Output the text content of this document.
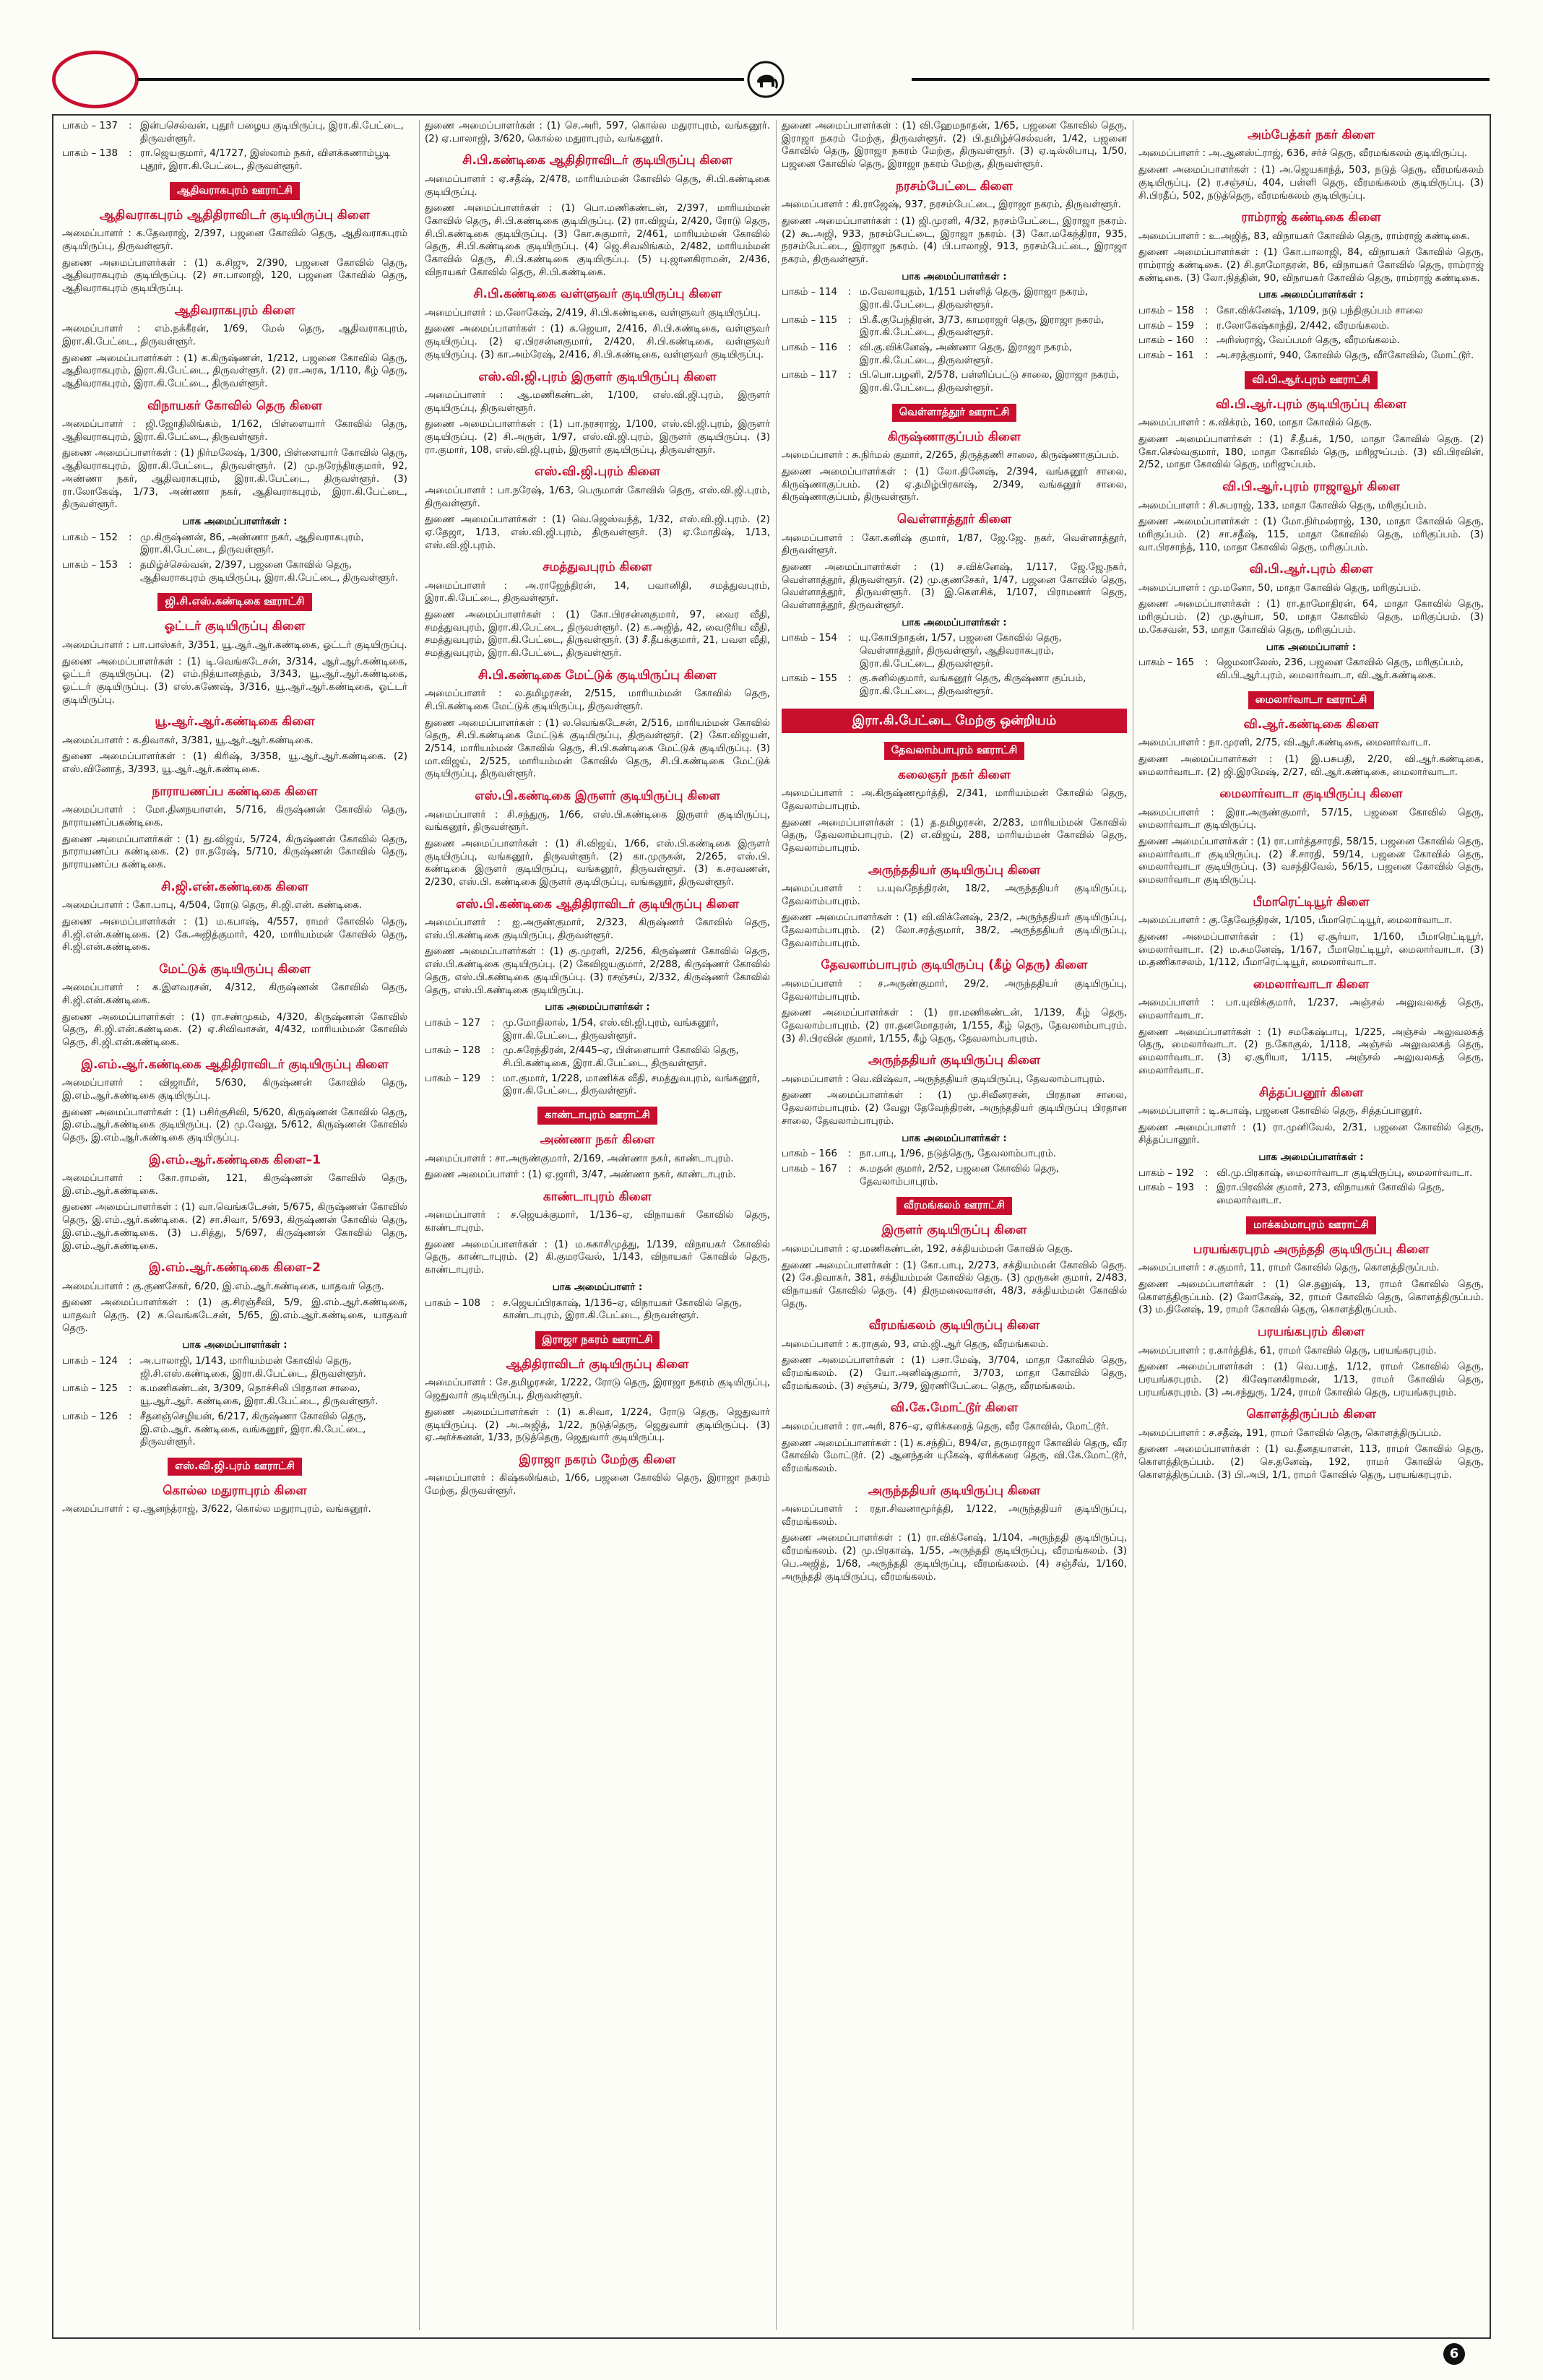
பாகம் – 137	: இன்பசெல்வன், புதூர் பழைய குடியிருப்பு, இரா.கி.பேட்டை, திருவள்ளூர்.
பாகம் – 138	: ரா.ஜெயகுமார், 4/1727, இஸ்லாம் நகர், விளக்கணாம்பூடி புதூர், இரா.கி.பேட்டை, திருவள்ளூர்.
ஆதிவராகபுரம் ஊராட்சி
ஆதிவராகபுரம் ஆதிதிராவிடர் குடியிருப்பு கிளை

அமைப்பாளர் : க.தேவராஜ், 2/397, பஜனை கோவில் தெரு, ஆதிவராகபுரம் குடியிருப்பு, திருவள்ளூர்.

துணை அமைப்பாளர்கள் : (1) க.சிஜு, 2/390, பஜனை கோவில் தெரு, ஆதிவராகபுரம் குடியிருப்பு. (2) சா.பாலாஜி, 120, பஜனை கோவில் தெரு, ஆதிவராகபுரம் குடியிருப்பு.

ஆதிவராகபுரம் கிளை

அமைப்பாளர் : எம்.நக்கீரன், 1/69, மேல் தெரு, ஆதிவராகபுரம், இரா.கி.பேட்டை, திருவள்ளூர்.

துணை அமைப்பாளர்கள் : (1) க.கிருஷ்ணன், 1/212, பஜனை கோவில் தெரு, ஆதிவராகபுரம், இரா.கி.பேட்டை, திருவள்ளூர். (2) ரா.அரசு, 1/110, கீழ் தெரு, ஆதிவராகபுரம், இரா.கி.பேட்டை, திருவள்ளூர்.

விநாயகர் கோவில் தெரு கிளை

அமைப்பாளர் : ஜி.ஜோதிலிங்கம், 1/162, பிள்ளையார் கோவில் தெரு, ஆதிவராகபுரம், இரா.கி.பேட்டை, திருவள்ளூர்.

துணை அமைப்பாளர்கள் : (1) நிர்மலேஷ், 1/300, பிள்ளையார் கோவில் தெரு, ஆதிவராகபுரம், இரா.கி.பேட்டை, திருவள்ளூர். (2) மு.நரேந்திரகுமார், 92, அண்ணா நகர், ஆதிவராகபுரம், இரா.கி.பேட்டை, திருவள்ளூர். (3) ரா.லோகேஷ், 1/73, அண்ணா நகர், ஆதிவராகபுரம், இரா.கி.பேட்டை, திருவள்ளூர்.

பாக அமைப்பாளர்கள் :
பாகம் – 152	: மு.கிருஷ்ணன், 86, அண்ணா நகர், ஆதிவராகபுரம், இரா.கி.பேட்டை, திருவள்ளூர்.
பாகம் – 153	: தமிழ்ச்செல்வன், 2/397, பஜனை கோவில் தெரு, ஆதிவராகபுரம் குடியிருப்பு, இரா.கி.பேட்டை, திருவள்ளூர்.
ஜி.சி.எஸ்.கண்டிகை ஊராட்சி
ஓட்டர் குடியிருப்பு கிளை

அமைப்பாளர் : பா.பாஸ்கர், 3/351, யூ.ஆர்.ஆர்.கண்டிகை, ஓட்டர் குடியிருப்பு.

துணை அமைப்பாளர்கள் : (1) டி.வெங்கடேசன், 3/314, ஆர்.ஆர்.கண்டிகை, ஓட்டர் குடியிருப்பு. (2) எம்.நித்யானந்தம், 3/343, யூ.ஆர்.ஆர்.கண்டிகை, ஓட்டர் குடியிருப்பு. (3) எஸ்.கணேஷ், 3/316, யூ.ஆர்.ஆர்.கண்டிகை, ஓட்டர் குடியிருப்பு.

யூ.ஆர்.ஆர்.கண்டிகை கிளை

அமைப்பாளர் : க.திவாகர், 3/381, யூ.ஆர்.ஆர்.கண்டிகை.

துணை அமைப்பாளர்கள் : (1) கிரிஷ், 3/358, யூ.ஆர்.ஆர்.கண்டிகை. (2) எஸ்.வினோத், 3/393, யூ.ஆர்.ஆர்.கண்டிகை.

நாராயணப்ப கண்டிகை கிளை

அமைப்பாளர் : மோ.தினநயாளன், 5/716, கிருஷ்ணன் கோவில் தெரு, நாராயணப்பகண்டிகை.

துணை அமைப்பாளர்கள் : (1) து.விஜய், 5/724, கிருஷ்ணன் கோவில் தெரு, நாராயணப்ப கண்டிகை. (2) ரா.நரேஷ், 5/710, கிருஷ்ணன் கோவில் தெரு, நாராயணப்ப கண்டிகை.

சி.ஜி.என்.கண்டிகை கிளை

அமைப்பாளர் : கோ.பாபு, 4/504, ரோடு தெரு, சி.ஜி.என். கண்டிகை.

துணை அமைப்பாளர்கள் : (1) ம.கபாஷ், 4/557, ராமர் கோவில் தெரு, சி.ஜி.என்.கண்டிகை. (2) கே.அஜித்குமார், 420, மாரியம்மன் கோவில் தெரு, சி.ஜி.என்.கண்டிகை.

மேட்டுக் குடியிருப்பு கிளை

அமைப்பாளர் : க.இளவரசன், 4/312, கிருஷ்ணன் கோவில் தெரு, சி.ஜி.என்.கண்டிகை.

துணை அமைப்பாளர்கள் : (1) ரா.சண்முகம், 4/320, கிருஷ்ணன் கோவில் தெரு, சி.ஜி.என்.கண்டிகை. (2) ஏ.சிவிவாசன், 4/432, மாரியம்மன் கோவில் தெரு, சி.ஜி.என்.கண்டிகை.

இ.எம்.ஆர்.கண்டிகை ஆதிதிராவிடர் குடியிருப்பு கிளை

அமைப்பாளர் : விஜாமீர், 5/630, கிருஷ்ணன் கோவில் தெரு, இ.எம்.ஆர்.கண்டிகை குடியிருப்பு.

துணை அமைப்பாளர்கள் : (1) பசிர்குசிவி, 5/620, கிருஷ்ணன் கோவில் தெரு, இ.எம்.ஆர்.கண்டிகை குடியிருப்பு. (2) மு.வேலு, 5/612, கிருஷ்ணன் கோவில் தெரு, இ.எம்.ஆர்.கண்டிகை குடியிருப்பு.

இ.எம்.ஆர்.கண்டிகை கிளை–1

அமைப்பாளர் : கோ.ராமன், 121, கிருஷ்ணன் கோவில் தெரு, இ.எம்.ஆர்.கண்டிகை.

துணை அமைப்பாளர்கள் : (1) வா.வெங்கடேசன், 5/675, கிருஷ்ணன் கோவில் தெரு, இ.எம்.ஆர்.கண்டிகை. (2) சா.சிவா, 5/693, கிருஷ்ணன் கோவில் தெரு, இ.எம்.ஆர்.கண்டிகை. (3) ப.சித்து, 5/697, கிருஷ்ணன் கோவில் தெரு, இ.எம்.ஆர்.கண்டிகை.

இ.எம்.ஆர்.கண்டிகை கிளை–2

அமைப்பாளர் : கு.குணசேகர், 6/20, இ.எம்.ஆர்.கண்டிகை, யாதவர் தெரு.

துணை அமைப்பாளர்கள் : (1) கு.சிரஞ்சீவி, 5/9, இ.எம்.ஆர்.கண்டிகை, யாதவர் தெரு. (2) க.வெங்கடேசன், 5/65, இ.எம்.ஆர்.கண்டிகை, யாதவர் தெரு.

பாக அமைப்பாளர்கள் :
பாகம் – 124	: அ.பாலாஜி, 1/143, மாரியம்மன் கோவில் தெரு, ஜி.சி.எஸ்.கண்டிகை, இரா.கி.பேட்டை, திருவள்ளூர்.
பாகம் – 125	: க.மணிகண்டன், 3/309, நொச்சிலி பிரதான சாலை, யூ.ஆர்.ஆர். கண்டிகை, இரா.கி.பேட்டை, திருவள்ளூர்.
பாகம் – 126	: சீதனஞ்செழியன், 6/217, கிருஷ்ணா கோவில் தெரு, இ.எம்.ஆர். கண்டிகை, வங்கனூர், இரா.கி.பேட்டை, திருவள்ளூர்.
எஸ்.வி.ஜி.புரம் ஊராட்சி
கொல்ல மதுராபுரம் கிளை

அமைப்பாளர் : ஏ.ஆனந்த்ராஜ், 3/622, கொல்ல மதுராபுரம், வங்கனூர்.

துணை அமைப்பாளர்கள் : (1) செ.அரி, 597, கொல்ல மதுராபுரம், வங்கனூர். (2) ஏ.பாலாஜி, 3/620, கொல்ல மதுராபுரம், வங்கனூர்.

சி.பி.கண்டிகை ஆதிதிராவிடர் குடியிருப்பு கிளை

அமைப்பாளர் : ஏ.சதீஷ், 2/478, மாரியம்மன் கோவில் தெரு, சி.பி.கண்டிகை குடியிருப்பு.

துணை அமைப்பாளர்கள் : (1) பொ.மணிகண்டன், 2/397, மாரியம்மன் கோவில் தெரு, சி.பி.கண்டிகை குடியிருப்பு. (2) ரா.விஜய், 2/420, ரோடு தெரு, சி.பி.கண்டிகை குடியிருப்பு. (3) கோ.சுகுமார், 2/461, மாரியம்மன் கோவில் தெரு, சி.பி.கண்டிகை குடியிருப்பு. (4) ஜெ.சிவலிங்கம், 2/482, மாரியம்மன் கோவில் தெரு, சி.பி.கண்டிகை குடியிருப்பு. (5) பு.ஜானகிராமன், 2/436, விநாயகர் கோவில் தெரு, சி.பி.கண்டிகை.

சி.பி.கண்டிகை வள்ளுவர் குடியிருப்பு கிளை

அமைப்பாளர் : ம.லோகேஷ், 2/419, சி.பி.கண்டிகை, வள்ளுவர் குடியிருப்பு.

துணை அமைப்பாளர்கள் : (1) க.ஜெயா, 2/416, சி.பி.கண்டிகை, வள்ளுவர் குடியிருப்பு. (2) ஏ.பிரசன்னகுமார், 2/420, சி.பி.கண்டிகை, வள்ளுவர் குடியிருப்பு. (3) கா.அம்ரேஷ், 2/416, சி.பி.கண்டிகை, வள்ளுவர் குடியிருப்பு.

எஸ்.வி.ஜி.புரம் இருளர் குடியிருப்பு கிளை

அமைப்பாளர் : ஆ.மணிகண்டன், 1/100, எஸ்.வி.ஜி.புரம், இருளர் குடியிருப்பு, திருவள்ளூர்.

துணை அமைப்பாளர்கள் : (1) பா.நரசராஜ், 1/100, எஸ்.வி.ஜி.புரம், இருளர் குடியிருப்பு. (2) சி.அருள், 1/97, எஸ்.வி.ஜி.புரம், இருளர் குடியிருப்பு. (3) ரா.குமார், 108, எஸ்.வி.ஜி.புரம், இருளர் குடியிருப்பு, திருவள்ளூர்.

எஸ்.வி.ஜி.புரம் கிளை

அமைப்பாளர் : பா.நரேஷ், 1/63, பெருமாள் கோவில் தெரு, எஸ்.வி.ஜி.புரம், திருவள்ளூர்.

துணை அமைப்பாளர்கள் : (1) வெ.ஜெஸ்வந்த், 1/32, எஸ்.வி.ஜி.புரம். (2) ஏ.தேஜா, 1/13, எஸ்.வி.ஜி.புரம், திருவள்ளூர். (3) ஏ.மோதிஷ், 1/13, எஸ்.வி.ஜி.புரம்.

சமத்துவபுரம் கிளை

அமைப்பாளர் : அ.ராஜேந்திரன், 14, பவானிதி, சமத்துவபுரம், இரா.கி.பேட்டை, திருவள்ளூர்.

துணை அமைப்பாளர்கள் : (1) கோ.பிரசன்னகுமார், 97, வைர வீதி, சமத்துவபுரம், இரா.கி.பேட்டை, திருவள்ளூர். (2) க.அஜித், 42, வைடூரிய வீதி, சமத்துவபுரம், இரா.கி.பேட்டை, திருவள்ளூர். (3) சீ.தீபக்குமார், 21, பவள வீதி, சமத்துவபுரம், இரா.கி.பேட்டை, திருவள்ளூர்.

சி.பி.கண்டிகை மேட்டுக் குடியிருப்பு கிளை

அமைப்பாளர் : ல.தமிழரசன், 2/515, மாரியம்மன் கோவில் தெரு, சி.பி.கண்டிகை மேட்டுக் குடியிருப்பு, திருவள்ளூர்.

துணை அமைப்பாளர்கள் : (1) ல.வெங்கடேசன், 2/516, மாரியம்மன் கோவில் தெரு, சி.பி.கண்டிகை மேட்டுக் குடியிருப்பு, திருவள்ளூர். (2) கோ.விஜயன், 2/514, மாரியம்மன் கோவில் தெரு, சி.பி.கண்டிகை மேட்டுக் குடியிருப்பு. (3) மா.விஜய், 2/525, மாரியம்மன் கோவில் தெரு, சி.பி.கண்டிகை மேட்டுக் குடியிருப்பு, திருவள்ளூர்.

எஸ்.பி.கண்டிகை இருளர் குடியிருப்பு கிளை

அமைப்பாளர் : சி.சந்துரு, 1/66, எஸ்.பி.கண்டிகை இருளர் குடியிருப்பு, வங்கனூர், திருவள்ளூர்.

துணை அமைப்பாளர்கள் : (1) சி.விஜய், 1/66, எஸ்.பி.கண்டிகை இருளர் குடியிருப்பு, வங்கனூர், திருவள்ளூர். (2) கா.முருகன், 2/265, எஸ்.பி. கண்டிகை இருளர் குடியிருப்பு, வங்கனூர், திருவள்ளூர். (3) க.சரவணன், 2/230, எஸ்.பி. கண்டிகை இருளர் குடியிருப்பு, வங்கனூர், திருவள்ளூர்.

எஸ்.பி.கண்டிகை ஆதிதிராவிடர் குடியிருப்பு கிளை

அமைப்பாளர் : ஐ.அருண்குமார், 2/323, கிருஷ்ணர் கோவில் தெரு, எஸ்.பி.கண்டிகை குடியிருப்பு, திருவள்ளூர்.

துணை அமைப்பாளர்கள் : (1) கு.முரளி, 2/256, கிருஷ்ணர் கோவில் தெரு, எஸ்.பி.கண்டிகை குடியிருப்பு. (2) கேவிஜயகுமார், 2/288, கிருஷ்ணர் கோவில் தெரு, எஸ்.பி.கண்டிகை குடியிருப்பு. (3) ரசஞ்சய், 2/332, கிருஷ்ணர் கோவில் தெரு, எஸ்.பி.கண்டிகை குடியிருப்பு.

பாக அமைப்பாளர்கள் :
பாகம் – 127	: மு.மோதிலால், 1/54, எஸ்.வி.ஜி.புரம், வங்கனூர், இரா.கி.பேட்டை, திருவள்ளூர்.
பாகம் – 128	: மு.சுரேந்திரன், 2/445–ஏ, பிள்ளையார் கோவில் தெரு, சி.பி.கண்டிகை, இரா.கி.பேட்டை, திருவள்ளூர்.
பாகம் – 129	: மா.குமார், 1/228, மாணிக்க வீதி, சமத்துவபுரம், வங்கனூர், இரா.கி.பேட்டை, திருவள்ளூர்.
காண்டாபுரம் ஊராட்சி
அண்ணா நகர் கிளை

அமைப்பாளர் : சா.அருண்குமார், 2/169, அண்ணா நகர், காண்டாபுரம்.

துணை அமைப்பாளர் : (1) ஏ.ஜாரி, 3/47, அண்ணா நகர், காண்டாபுரம்.

காண்டாபுரம் கிளை

அமைப்பாளர் : ச.ஜெயக்குமார், 1/136–ஏ, விநாயகர் கோவில் தெரு, காண்டாபுரம்.

துணை அமைப்பாளர்கள் : (1) ம.சுகாசிமுத்து, 1/139, விநாயகர் கோவில் தெரு, காண்டாபுரம். (2) கி.குமரவேல், 1/143, விநாயகர் கோவில் தெரு, காண்டாபுரம்.

பாக அமைப்பாளர் :
பாகம் – 108	: ச.ஜெயப்பிரகாஷ், 1/136–ஏ, விநாயகர் கோவில் தெரு, காண்டாபுரம், இரா.கி.பேட்டை, திருவள்ளூர்.
இராஜா நகரம் ஊராட்சி
ஆதிதிராவிடர் குடியிருப்பு கிளை

அமைப்பாளர் : சே.தமிழரசன், 1/222, ரோடு தெரு, இராஜா நகரம் குடியிருப்பு, ஜெதுவார் குடியிருப்பு, திருவள்ளூர்.

துணை அமைப்பாளர்கள் : (1) க.சிவா, 1/224, ரோடு தெரு, ஜெதுவார் குடியிருப்பு. (2) அ.அஜித், 1/22, நடுத்தெரு, ஜெதுவார் குடியிருப்பு. (3) ஏ.அர்ச்சுனன், 1/33, நடுத்தெரு, ஜெதுவார் குடியிருப்பு.

இராஜா நகரம் மேற்கு கிளை

அமைப்பாளர் : கிஷ்கலிங்கம், 1/66, பஜனை கோவில் தெரு, இராஜா நகரம் மேற்கு, திருவள்ளூர்.

துணை அமைப்பாளர்கள் : (1) வி.ஹேமநாதன், 1/65, பஜனை கோவில் தெரு, இராஜா நகரம் மேற்கு, திருவள்ளூர். (2) பி.தமிழ்ச்செல்வன், 1/42, பஜனை கோவில் தெரு, இராஜா நகரம் மேற்கு, திருவள்ளூர். (3) ஏ.டில்லிபாபு, 1/50, பஜனை கோவில் தெரு, இராஜா நகரம் மேற்கு, திருவள்ளூர்.

நரசம்பேட்டை கிளை

அமைப்பாளர் : கி.ராஜேஷ், 937, நரசம்பேட்டை, இராஜா நகரம், திருவள்ளூர்.

துணை அமைப்பாளர்கள் : (1) ஜி.முரளி, 4/32, நரசம்பேட்டை, இராஜா நகரம். (2) கூ.அஜி, 933, நரசம்பேட்டை, இராஜா நகரம். (3) கோ.மகேந்திரா, 935, நரசம்பேட்டை, இராஜா நகரம். (4) பி.பாலாஜி, 913, நரசம்பேட்டை, இராஜா நகரம், திருவள்ளூர்.

பாக அமைப்பாளர்கள் :
பாகம் – 114	: ம.வேலாயுதம், 1/151 பள்ளித் தெரு, இராஜா நகரம், இரா.கி.பேட்டை, திருவள்ளூர்.
பாகம் – 115	: பி.கீ.குபேந்திரன், 3/73, காமராஜர் தெரு, இராஜா நகரம், இரா.கி.பேட்டை, திருவள்ளூர்.
பாகம் – 116	: வி.கு.விக்னேஷ், அண்ணா தெரு, இராஜா நகரம், இரா.கி.பேட்டை, திருவள்ளூர்.
பாகம் – 117	: பி.பொ.பழனி, 2/578, பள்ளிப்பட்டு சாலை, இராஜா நகரம், இரா.கி.பேட்டை, திருவள்ளூர்.
வெள்ளாத்தூர் ஊராட்சி
கிருஷ்ணாகுப்பம் கிளை

அமைப்பாளர் : சு.நிர்மல் குமார், 2/265, திருத்தணி சாலை, கிருஷ்ணாகுப்பம்.

துணை அமைப்பாளர்கள் : (1) லோ.தினேஷ், 2/394, வங்கனூர் சாலை, கிருஷ்ணாகுப்பம். (2) ஏ.தமிழ்பிரகாஷ், 2/349, வங்கனூர் சாலை, கிருஷ்ணாகுப்பம், திருவள்ளூர்.

வெள்ளாத்தூர் கிளை

அமைப்பாளர் : கோ.கனிஷ் குமார், 1/87, ஜே.ஜே. நகர், வெள்ளாத்தூர், திருவள்ளூர்.

துணை அமைப்பாளர்கள் : (1) ச.விக்னேஷ், 1/117, ஜே.ஜே.நகர், வெள்ளாத்தூர், திருவள்ளூர். (2) மு.குணசேகர், 1/47, பஜனை கோவில் தெரு, வெள்ளாத்தூர், திருவள்ளூர். (3) இ.கௌசிக், 1/107, பிராமணர் தெரு, வெள்ளாத்தூர், திருவள்ளூர்.

பாக அமைப்பாளர்கள் :
பாகம் – 154	: யு.கோபிநாதன், 1/57, பஜனை கோவில் தெரு, வெள்ளாத்தூர், திருவள்ளூர், ஆதிவராகபுரம், இரா.கி.பேட்டை, திருவள்ளூர்.
பாகம் – 155	: கு.சுனில்குமார், வங்கனூர் தெரு, கிருஷ்ணா குப்பம், இரா.கி.பேட்டை, திருவள்ளூர்.
இரா.கி.பேட்டை மேற்கு ஒன்றியம்
தேவலாம்பாபுரம் ஊராட்சி
கலைஞர் நகர் கிளை

அமைப்பாளர் : அ.கிருஷ்ணமூர்த்தி, 2/341, மாரியம்மன் கோவில் தெரு, தேவலாம்பாபுரம்.

துணை அமைப்பாளர்கள் : (1) த.தமிழரசன், 2/283, மாரியம்மன் கோவில் தெரு, தேவலாம்பாபுரம். (2) எ.விஜய், 288, மாரியம்மன் கோவில் தெரு, தேவலாம்பாபுரம்.

அருந்ததியர் குடியிருப்பு கிளை

அமைப்பாளர் : ப.யுவநேந்திரன், 18/2, அருந்ததியர் குடியிருப்பு, தேவலாம்பாபுரம்.

துணை அமைப்பாளர்கள் : (1) வி.விக்னேஷ், 23/2, அருந்ததியர் குடியிருப்பு, தேவலாம்பாபுரம். (2) லோ.சரத்குமார், 38/2, அருந்ததியர் குடியிருப்பு, தேவலாம்பாபுரம்.

தேவலாம்பாபுரம் குடியிருப்பு (கீழ் தெரு) கிளை

அமைப்பாளர் : ச.அருண்குமார், 29/2, அருந்ததியர் குடியிருப்பு, தேவலாம்பாபுரம்.

துணை அமைப்பாளர்கள் : (1) ரா.மணிகண்டன், 1/139, கீழ் தெரு, தேவலாம்பாபுரம். (2) ரா.தனமோதரன், 1/155, கீழ் தெரு, தேவலாம்பாபுரம். (3) சி.பிரவின் குமார், 1/155, கீழ் தெரு, தேவலாம்பாபுரம்.

அருந்ததியர் குடியிருப்பு கிளை

அமைப்பாளர் : வெ.விஷ்வா, அருந்ததியர் குடியிருப்பு, தேவலாம்பாபுரம்.

துணை அமைப்பாளர்கள் : (1) மு.சிவீனரசன், பிரதான சாலை, தேவலாம்பாபுரம். (2) வேலு தேவேந்திரன், அருந்ததியர் குடியிருப்பு பிரதான சாலை, தேவலாம்பாபுரம்.

பாக அமைப்பாளர்கள் :
பாகம் – 166	: நா.பாபு, 1/96, நடுத்தெரு, தேவலாம்பாபுரம்.
பாகம் – 167	: சு.மதன் குமார், 2/52, பஜனை கோவில் தெரு, தேவலாம்பாபுரம்.
வீரமங்கலம் ஊராட்சி
இருளர் குடியிருப்பு கிளை

அமைப்பாளர் : ஏ.மணிகண்டன், 192, சக்தியம்மன் கோவில் தெரு.

துணை அமைப்பாளர்கள் : (1) கோ.பாபு, 2/273, சக்தியம்மன் கோவில் தெரு. (2) சே.திவாகர், 381, சக்தியம்மன் கோவில் தெரு. (3) முருகன் குமார், 2/483, விநாயகர் கோவில் தெரு. (4) திருமலைவாசன், 48/3, சக்தியம்மன் கோவில் தெரு.

வீரமங்கலம் குடியிருப்பு கிளை

அமைப்பாளர் : க.ராகுல், 93, எம்.ஜி.ஆர் தெரு, வீரமங்கலம்.

துணை அமைப்பாளர்கள் : (1) பசா.மேஷ், 3/704, மாதா கோவில் தெரு, வீரமங்கலம். (2) யோ.அனிஷ்குமார், 3/703, மாதா கோவில் தெரு, வீரமங்கலம். (3) சஞ்சய், 3/79, இரணிபேட்டை தெரு, வீரமங்கலம்.

வி.கே.மோட்டூர் கிளை

அமைப்பாளர் : ரா.அரி, 876–ஏ, ஏரிக்கரைத் தெரு, வீர கோவில், மோட்டூர்.

துணை அமைப்பாளர்கள் : (1) க.சந்திப், 894/எ, தருமராஜா கோவில் தெரு, வீர கோவில் மோட்டூர். (2) ஆனந்தன் யுகேஷ், ஏரிக்கரை தெரு, வி.கே.மோட்டூர், வீரமங்கலம்.

அருந்ததியர் குடியிருப்பு கிளை

அமைப்பாளர் : ரதா.சிவனாமூர்த்தி, 1/122, அருந்ததியர் குடியிருப்பு, வீரமங்கலம்.

துணை அமைப்பாளர்கள் : (1) ரா.விக்னேஷ், 1/104, அருந்ததி குடியிருப்பு, வீரமங்கலம். (2) மு.பிரகாஷ், 1/55, அருந்ததி குடியிருப்பு, வீரமங்கலம். (3) பெ.அஜித், 1/68, அருந்ததி குடியிருப்பு, வீரமங்கலம். (4) சஞ்சீவ், 1/160, அருந்ததி குடியிருப்பு, வீரமங்கலம்.

அம்பேத்கர் நகர் கிளை

அமைப்பாளர் : அ.ஆனஸ்ட்ராஜ், 636, சர்ச் தெரு, வீரமங்கலம் குடியிருப்பு.

துணை அமைப்பாளர்கள் : (1) அ.ஜெயகாந்த், 503, நடுத் தெரு, வீரமங்கலம் குடியிருப்பு. (2) ர.சஞ்சய், 404, பள்ளி தெரு, வீரமங்கலம் குடியிருப்பு. (3) சி.பிரதீப், 502, நடுத்தெரு, வீரமங்கலம் குடியிருப்பு.

ராம்ராஜ் கண்டிகை கிளை

அமைப்பாளர் : உ.அஜித், 83, விநாயகர் கோவில் தெரு, ராம்ராஜ் கண்டிகை.

துணை அமைப்பாளர்கள் : (1) கோ.பாலாஜி, 84, விநாயகர் கோவில் தெரு, ராம்ராஜ் கண்டிகை. (2) சி.தாமோதரன், 86, விநாயகர் கோவில் தெரு, ராம்ராஜ் கண்டிகை. (3) லோ.நித்தின், 90, விநாயகர் கோவில் தெரு, ராம்ராஜ் கண்டிகை.

பாக அமைப்பாளர்கள் :
பாகம் – 158	: கோ.விக்னேஷ், 1/109, நடு பந்திகுப்பம் சாலை
பாகம் – 159	: ர.லோகேஷ்காந்தி, 2/442, வீரமங்கலம்.
பாகம் – 160	: அரிஸ்ராஜ், வேப்பமர் தெரு, வீரமங்கலம்.
பாகம் – 161	: அ.சரத்குமார், 940, கோவில் தெரு, வீர்கோவில், மோட்டூர்.
வி.பி.ஆர்.புரம் ஊராட்சி
வி.பி.ஆர்.புரம் குடியிருப்பு கிளை

அமைப்பாளர் : க.விக்ரம், 160, மாதா கோவில் தெரு.

துணை அமைப்பாளர்கள் : (1) சீ.தீபக், 1/50, மாதா கோவில் தெரு. (2) கோ.செல்வகுமார், 180, மாதா கோவில் தெரு, மரிஜுப்பம். (3) வி.பிரவின், 2/52, மாதா கோவில் தெரு, மரிஜுப்பம்.

வி.பி.ஆர்.புரம் ராஜாவூர் கிளை

அமைப்பாளர் : சி.சுபராஜ், 133, மாதா கோவில் தெரு, மரிகுப்பம்.

துணை அமைப்பாளர்கள் : (1) மோ.நிர்மல்ராஜ், 130, மாதா கோவில் தெரு, மரிகுப்பம். (2) சா.சதீஷ், 115, மாதா கோவில் தெரு, மரிகுப்பம். (3) வா.பிரசாந்த், 110, மாதா கோவில் தெரு, மரிகுப்பம்.

வி.பி.ஆர்.புரம் கிளை

அமைப்பாளர் : மு.மனோ, 50, மாதா கோவில் தெரு, மரிகுப்பம்.

துணை அமைப்பாளர்கள் : (1) ரா.தாமோதிரன், 64, மாதா கோவில் தெரு, மரிகுப்பம். (2) மு.சூர்யா, 50, மாதா கோவில் தெரு, மரிகுப்பம். (3) ம.கேசவன், 53, மாதா கோவில் தெரு, மரிகுப்பம்.

பாக அமைப்பாளர் :
பாகம் – 165	: ஜெமலாலேஸ், 236, பஜனை கோவில் தெரு, மரிகுப்பம், வி.பி.ஆர்.புரம், மைலார்வாடா, வி.ஆர்.கண்டிகை.
மைலார்வாடா ஊராட்சி
வி.ஆர்.கண்டிகை கிளை

அமைப்பாளர் : நா.முரளி, 2/75, வி.ஆர்.கண்டிகை, மைலார்வாடா.

துணை அமைப்பாளர்கள் : (1) இ.பசுபதி, 2/20, வி.ஆர்.கண்டிகை, மைலார்வாடா. (2) ஜி.இரமேஷ், 2/27, வி.ஆர்.கண்டிகை, மைலார்வாடா.

மைலார்வாடா குடியிருப்பு கிளை

அமைப்பாளர் : இரா.அருண்குமார், 57/15, பஜனை கோவில் தெரு, மைலார்வாடா குடியிருப்பு.

துணை அமைப்பாளர்கள் : (1) ரா.பார்த்தசாரதி, 58/15, பஜனை கோவில் தெரு, மைலார்வாடா குடியிருப்பு. (2) சீ.சாரதி, 59/14, பஜனை கோவில் தெரு, மைலார்வாடா குடியிருப்பு. (3) வசந்திவேல், 56/15, பஜனை கோவில் தெரு, மைலார்வாடா குடியிருப்பு.

பீமாரெட்டியூர் கிளை

அமைப்பாளர் : கு.தேவேந்திரன், 1/105, பீமாரெட்டியூர், மைலார்வாடா.

துணை அமைப்பாளர்கள் : (1) ஏ.சூர்யா, 1/160, பீமாரெட்டியூர், மைலார்வாடா. (2) ம.சுமனேஷ், 1/167, பீமாரெட்டியூர், மைலார்வாடா. (3) ம.தணிகாசலம், 1/112, பீமாரெட்டியூர், மைலார்வாடா.

மைலார்வாடா கிளை

அமைப்பாளர் : பா.யுவிக்குமார், 1/237, அஞ்சல் அலுவலகத் தெரு, மைலார்வாடா.

துணை அமைப்பாளர்கள் : (1) சமகேஷ்பாபு, 1/225, அஞ்சல் அலுவலகத் தெரு, மைலார்வாடா. (2) ந.கோகுல், 1/118, அஞ்சல் அலுவலகத் தெரு, மைலார்வாடா. (3) ஏ.சூரியா, 1/115, அஞ்சல் அலுவலகத் தெரு, மைலார்வாடா.

சித்தப்பனூர் கிளை

அமைப்பாளர் : டி.சுபாஷ், பஜனை கோவில் தெரு, சித்தப்பானூர்.

துணை அமைப்பாளர் : (1) ரா.முனிவேல், 2/31, பஜனை கோவில் தெரு, சித்தப்பானூர்.

பாக அமைப்பாளர்கள் :
பாகம் – 192	: வி.மு.பிரகாஷ், மைலார்வாடா குடியிருப்பு, மைலார்வாடா.
பாகம் – 193	: இரா.பிரவின் குமார், 273, விநாயகர் கோவில் தெரு, மைலார்வாடா.
மாக்கம்மாபுரம் ஊராட்சி
பரயங்கரபுரம் அருந்ததி குடியிருப்பு கிளை

அமைப்பாளர் : ச.குமார், 11, ராமர் கோவில் தெரு, கொளத்திருப்பம்.

துணை அமைப்பாளர்கள் : (1) செ.தனுஷ், 13, ராமர் கோவில் தெரு, கொளத்திருப்பம். (2) லோகேஷ், 32, ராமர் கோவில் தெரு, கொளத்திருப்பம். (3) ம.தினேஷ், 19, ராமர் கோவில் தெரு, கொளத்திருப்பம்.

பரயங்கபுரம் கிளை

அமைப்பாளர் : ர.கார்த்திக், 61, ராமர் கோவில் தெரு, பரயங்கரபுரம்.

துணை அமைப்பாளர்கள் : (1) வெ.பரத், 1/12, ராமர் கோவில் தெரு, பரயங்கரபுரம். (2) கிஷோனகிராமன், 1/13, ராமர் கோவில் தெரு, பரயங்கரபுரம். (3) அ.சந்துரு, 1/24, ராமர் கோவில் தெரு, பரயங்கரபுரம்.

கொளத்திருப்பம் கிளை

அமைப்பாளர் : ச.சதீஷ், 191, ராமர் கோவில் தெரு, கொளத்திருப்பம்.

துணை அமைப்பாளர்கள் : (1) வ.தீனதயாளன், 113, ராமர் கோவில் தெரு, கொளத்திருப்பம். (2) செ.தனேஷ், 192, ராமர் கோவில் தெரு, கொளத்திருப்பம். (3) பி.அபி, 1/1, ராமர் கோவில் தெரு, பரயங்கரபுரம்.

6
